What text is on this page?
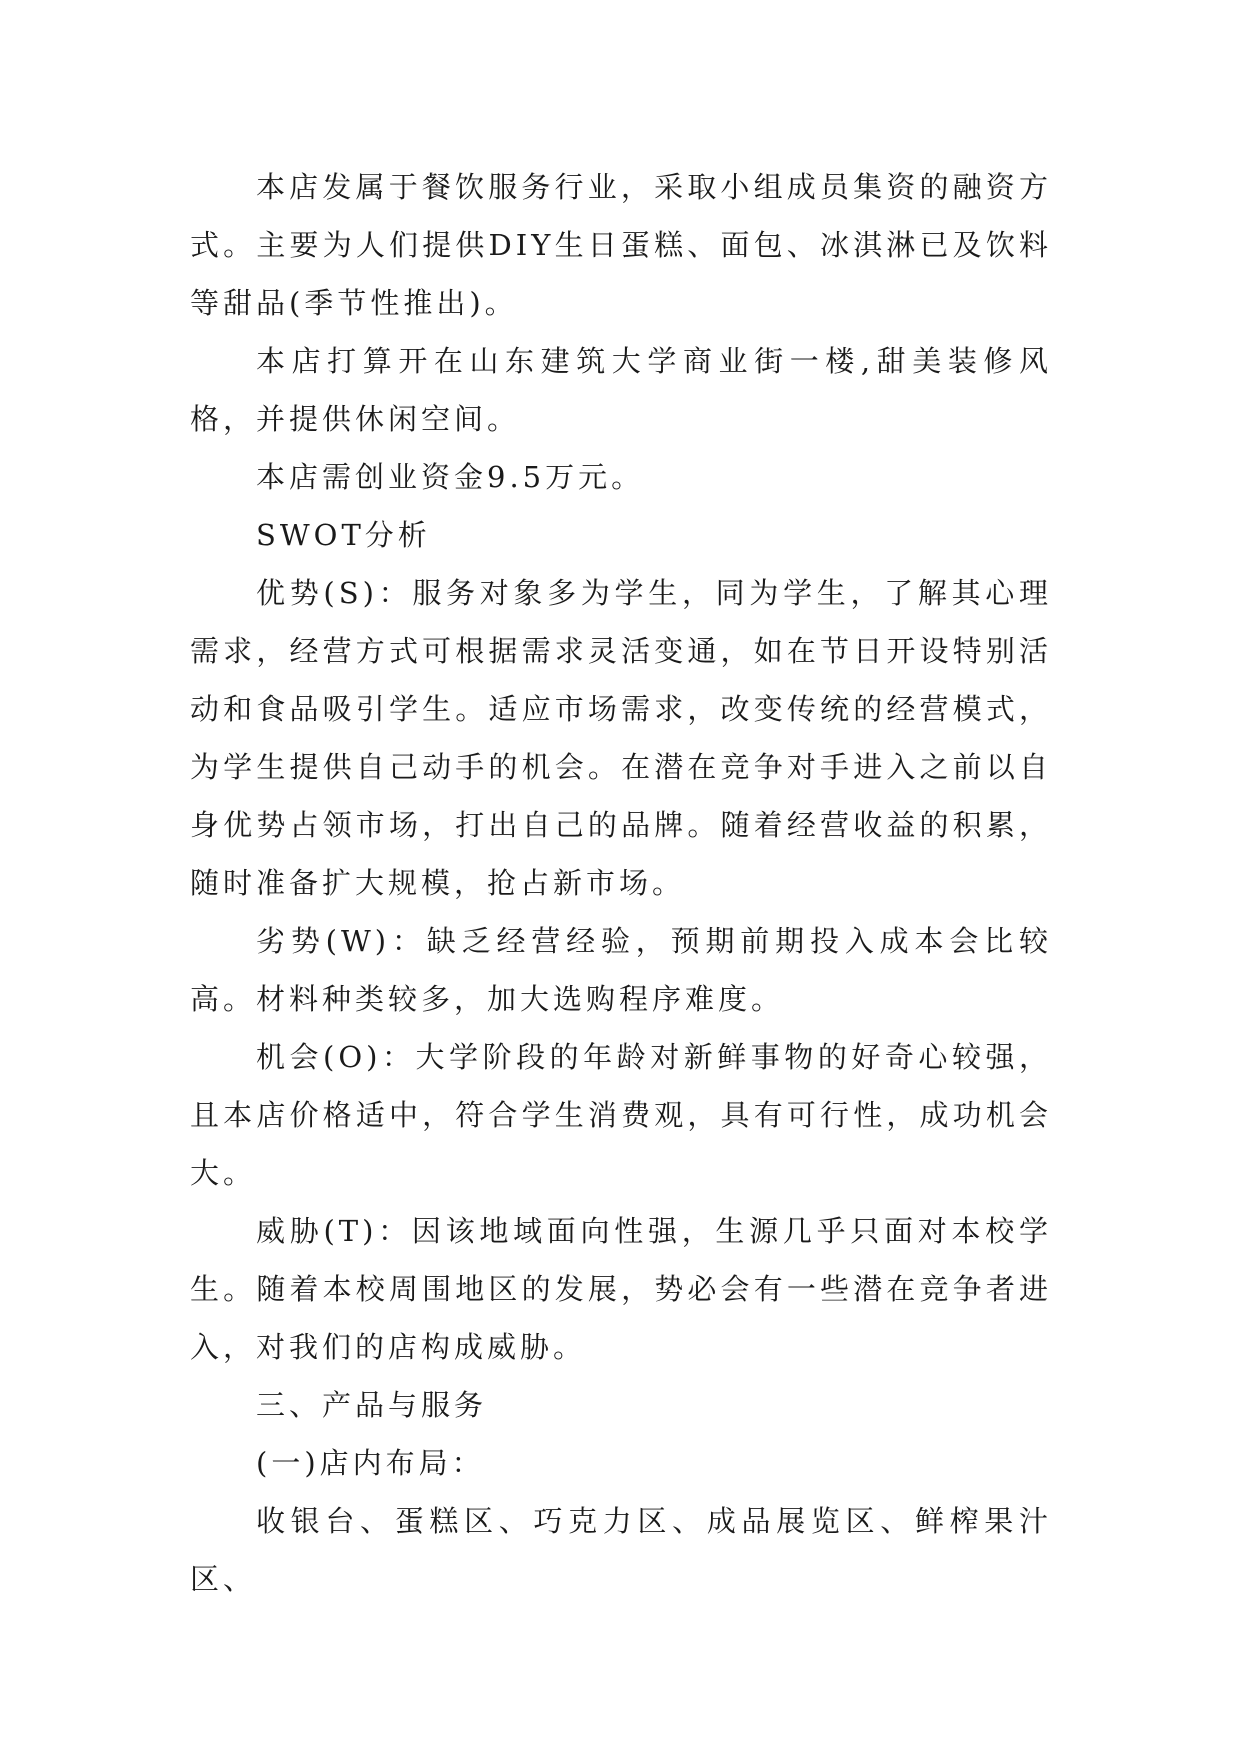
本店发属于餐饮服务行业，采取小组成员集资的融资方式。主要为人们提供DIY生日蛋糕、面包、冰淇淋已及饮料等甜品(季节性推出)。

本店打算开在山东建筑大学商业街一楼,甜美装修风格，并提供休闲空间。

本店需创业资金9.5万元。

SWOT分析

优势(S)：服务对象多为学生，同为学生，了解其心理需求，经营方式可根据需求灵活变通，如在节日开设特别活动和食品吸引学生。适应市场需求，改变传统的经营模式，为学生提供自己动手的机会。在潜在竞争对手进入之前以自身优势占领市场，打出自己的品牌。随着经营收益的积累，随时准备扩大规模，抢占新市场。

劣势(W)：缺乏经营经验，预期前期投入成本会比较高。材料种类较多，加大选购程序难度。

机会(O)：大学阶段的年龄对新鲜事物的好奇心较强，且本店价格适中，符合学生消费观，具有可行性，成功机会大。

威胁(T)：因该地域面向性强，生源几乎只面对本校学生。随着本校周围地区的发展，势必会有一些潜在竞争者进入，对我们的店构成威胁。

三、产品与服务

(一)店内布局：

收银台、蛋糕区、巧克力区、成品展览区、鲜榨果汁区、
